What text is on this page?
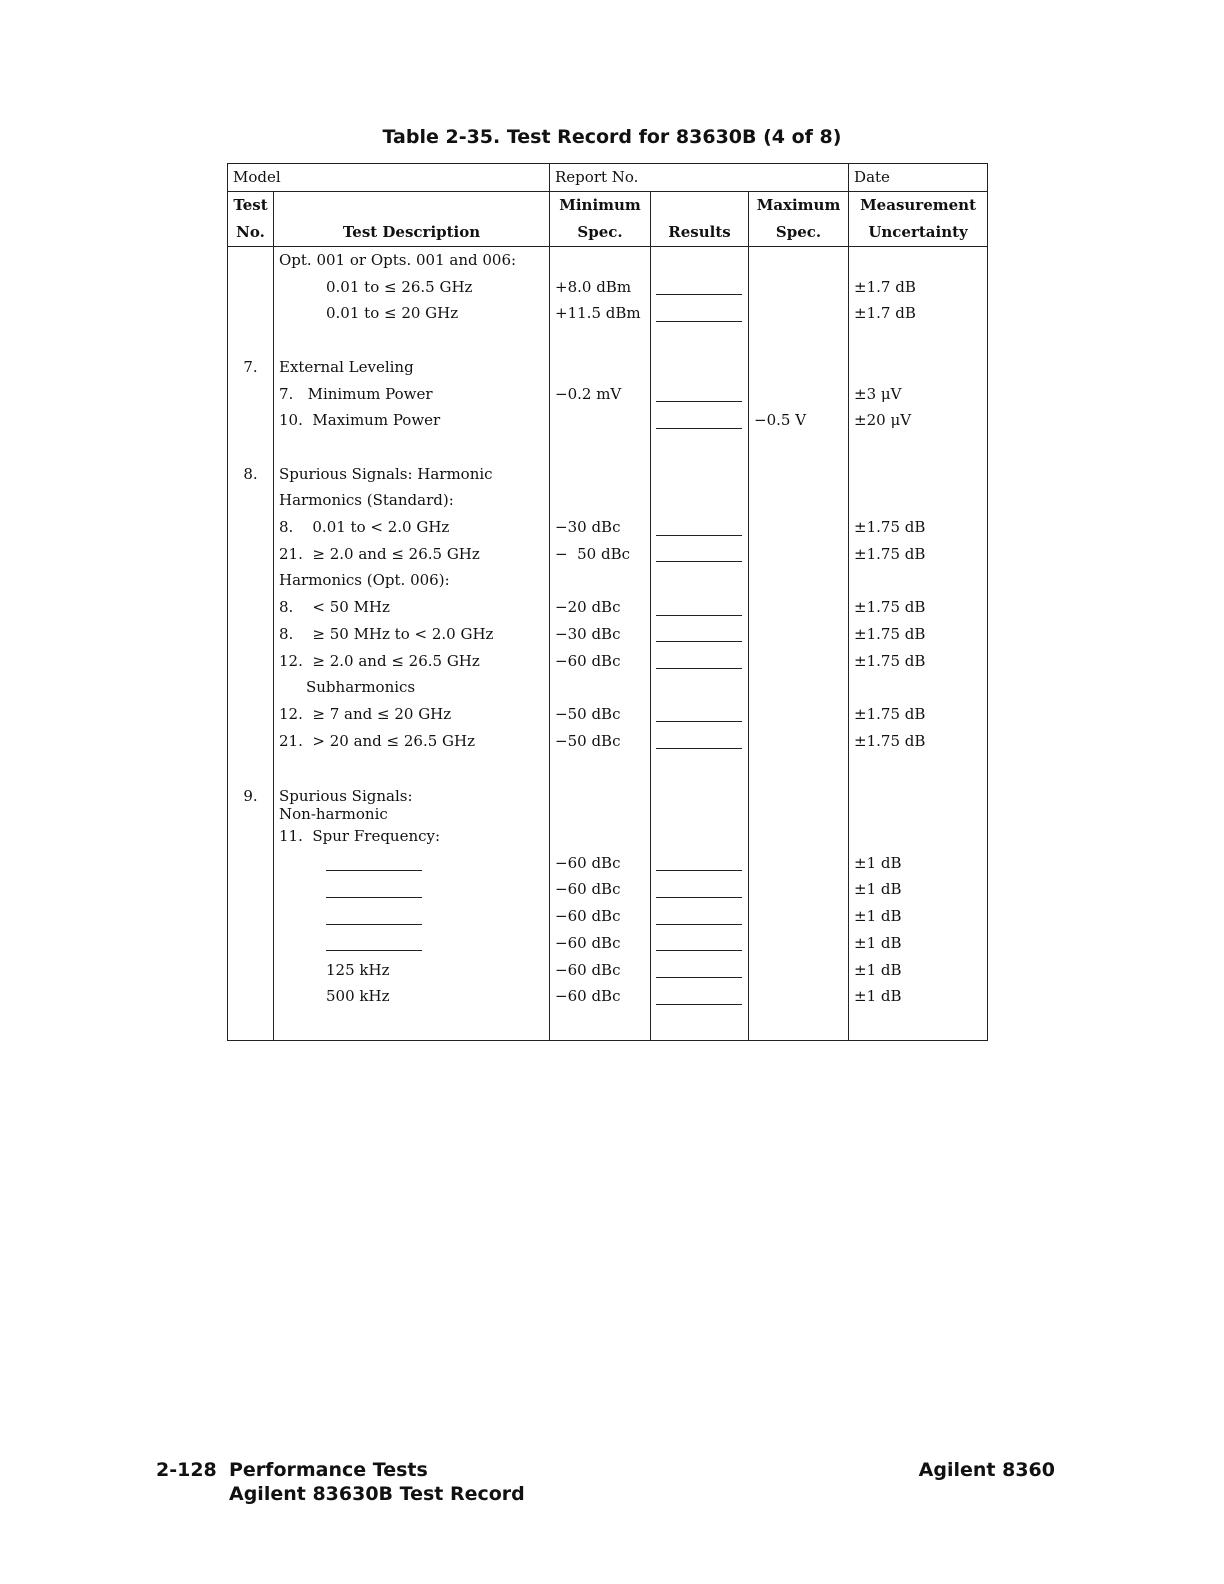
Table 2-35. Test Record for 83630B (4 of 8)
Model		Report No.			Date
Test		Minimum		Maximum	Measurement
No.	Test Description	Spec.	Results	Spec.	Uncertainty
	Opt. 001 or Opts. 001 and 006:				
	0.01 to ≤ 26.5 GHz	+8.0 dBm			±1.7 dB
	0.01 to ≤ 20 GHz	+11.5 dBm			±1.7 dB

7.	External Leveling				
	7.   Minimum Power	−0.2 mV			±3 μV
	10.  Maximum Power			−0.5 V	±20 μV

8.	Spurious Signals: Harmonic				
	Harmonics (Standard):				
	8.    0.01 to < 2.0 GHz	−30 dBc			±1.75 dB
	21.  ≥ 2.0 and ≤ 26.5 GHz	−  50 dBc			±1.75 dB
	Harmonics (Opt. 006):				
	8.    < 50 MHz	−20 dBc			±1.75 dB
	8.    ≥ 50 MHz to < 2.0 GHz	−30 dBc			±1.75 dB
	12.  ≥ 2.0 and ≤ 26.5 GHz	−60 dBc			±1.75 dB
	Subharmonics				
	12.  ≥ 7 and ≤ 20 GHz	−50 dBc			±1.75 dB
	21.  > 20 and ≤ 26.5 GHz	−50 dBc			±1.75 dB

9.	Spurious Signals:
Non-harmonic				

	11.  Spur Frequency:				
		−60 dBc			±1 dB
		−60 dBc			±1 dB
		−60 dBc			±1 dB
		−60 dBc			±1 dB
	125 kHz	−60 dBc			±1 dB
	500 kHz	−60 dBc			±1 dB

2-128 Performance Tests
Agilent 83630B Test Record
Agilent 8360
